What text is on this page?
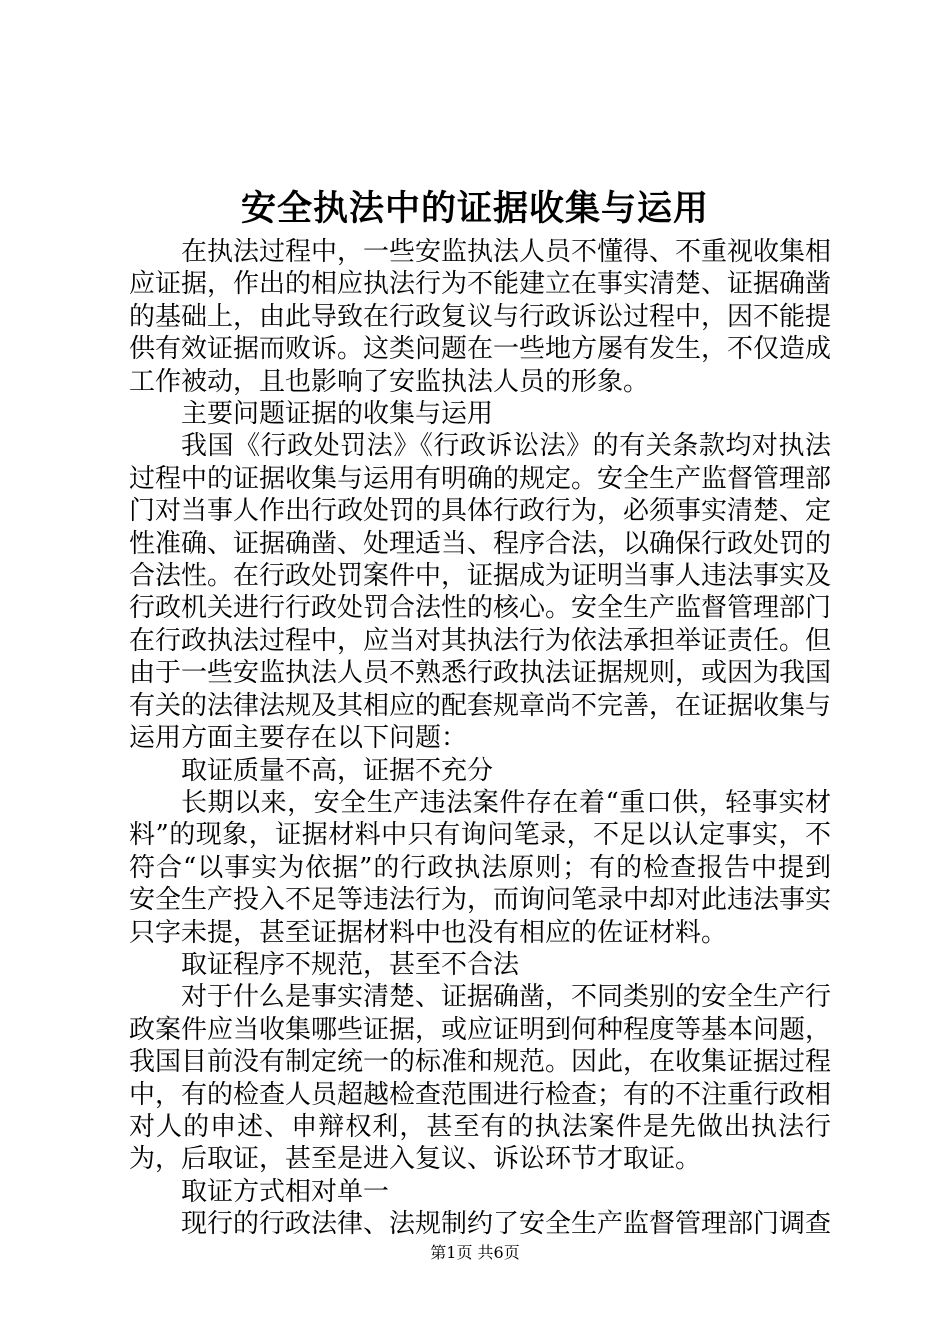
安全执法中的证据收集与运用

在执法过程中，一些安监执法人员不懂得、不重视收集相应证据，作出的相应执法行为不能建立在事实清楚、证据确凿的基础上，由此导致在行政复议与行政诉讼过程中，因不能提供有效证据而败诉。这类问题在一些地方屡有发生，不仅造成工作被动，且也影响了安监执法人员的形象。

主要问题证据的收集与运用

我国《行政处罚法》《行政诉讼法》的有关条款均对执法过程中的证据收集与运用有明确的规定。安全生产监督管理部门对当事人作出行政处罚的具体行政行为，必须事实清楚、定性准确、证据确凿、处理适当、程序合法，以确保行政处罚的合法性。在行政处罚案件中，证据成为证明当事人违法事实及行政机关进行行政处罚合法性的核心。安全生产监督管理部门在行政执法过程中，应当对其执法行为依法承担举证责任。但由于一些安监执法人员不熟悉行政执法证据规则，或因为我国有关的法律法规及其相应的配套规章尚不完善，在证据收集与运用方面主要存在以下问题：

取证质量不高，证据不充分

长期以来，安全生产违法案件存在着“重口供，轻事实材料”的现象，证据材料中只有询问笔录，不足以认定事实，不符合“以事实为依据”的行政执法原则；有的检查报告中提到安全生产投入不足等违法行为，而询问笔录中却对此违法事实只字未提，甚至证据材料中也没有相应的佐证材料。

取证程序不规范，甚至不合法

对于什么是事实清楚、证据确凿，不同类别的安全生产行政案件应当收集哪些证据，或应证明到何种程度等基本问题，我国目前没有制定统一的标准和规范。因此，在收集证据过程中，有的检查人员超越检查范围进行检查；有的不注重行政相对人的申述、申辩权利，甚至有的执法案件是先做出执法行为，后取证，甚至是进入复议、诉讼环节才取证。

取证方式相对单一

现行的行政法律、法规制约了安全生产监督管理部门调查

第1页 共6页
